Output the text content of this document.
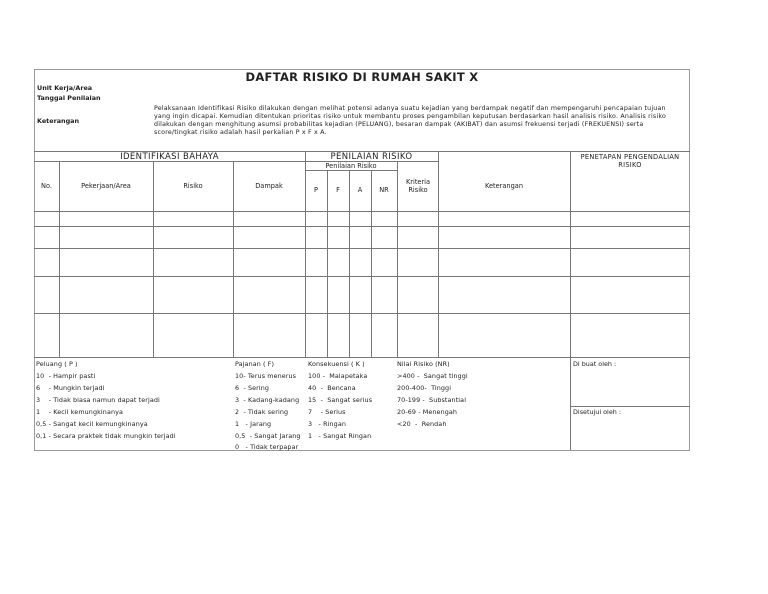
DAFTAR RISIKO DI RUMAH SAKIT X
Unit Kerja/Area
Tanggal Penilaian
Keterangan
Pelaksanaan Identifikasi Risiko dilakukan dengan melihat potensi adanya suatu kejadian yang berdampak negatif dan mempengaruhi pencapaian tujuan yang ingin dicapai. Kemudian ditentukan prioritas risiko untuk membantu proses pengambilan keputusan berdasarkan hasil analisis risiko. Analisis risiko dilakukan dengan menghitung asumsi probabilitas kejadian (PELUANG), besaran dampak (AKIBAT) dan asumsi frekuensi terjadi (FREKUENSI) serta score/tingkat risiko adalah hasil perkalian P x F x A.
IDENTIFIKASI BAHAYA	PENILAIAN RISIKO
Penilaian Risiko
PENETAPAN PENGENDALIAN RISIKO
No.	Pekerjaan/Area	Risiko	Dampak	P	F	A	NR
Kriteria Risiko	Keterangan
Peluang ( P )
10  - Hampir pasti
6    - Mungkin terjadi
3    - Tidak biasa namun dapat terjadi
1    - Kecil kemungkinanya
0,5 - Sangat kecil kemungkinanya
0,1 - Secara praktek tidak mungkin terjadi
Pajanan ( F)
10- Terus menerus
6  - Sering
3  - Kadang-kadang
2  - Tidak sering
1   - Jarang
0,5  - Sangat Jarang
0   - Tidak terpapar
Konsekuensi ( K )
100 -  Malapetaka
40  -  Bencana
15  -  Sangat serius
7    - Serius
3   - Ringan
1   - Sangat Ringan
Nilai Risiko (NR)
>400 -  Sangat tinggi
200-400-  Tinggi
70-199 -  Substantial
20-69 - Menengah
<20  -  Rendah
Di buat oleh :
Disetujui oleh :
